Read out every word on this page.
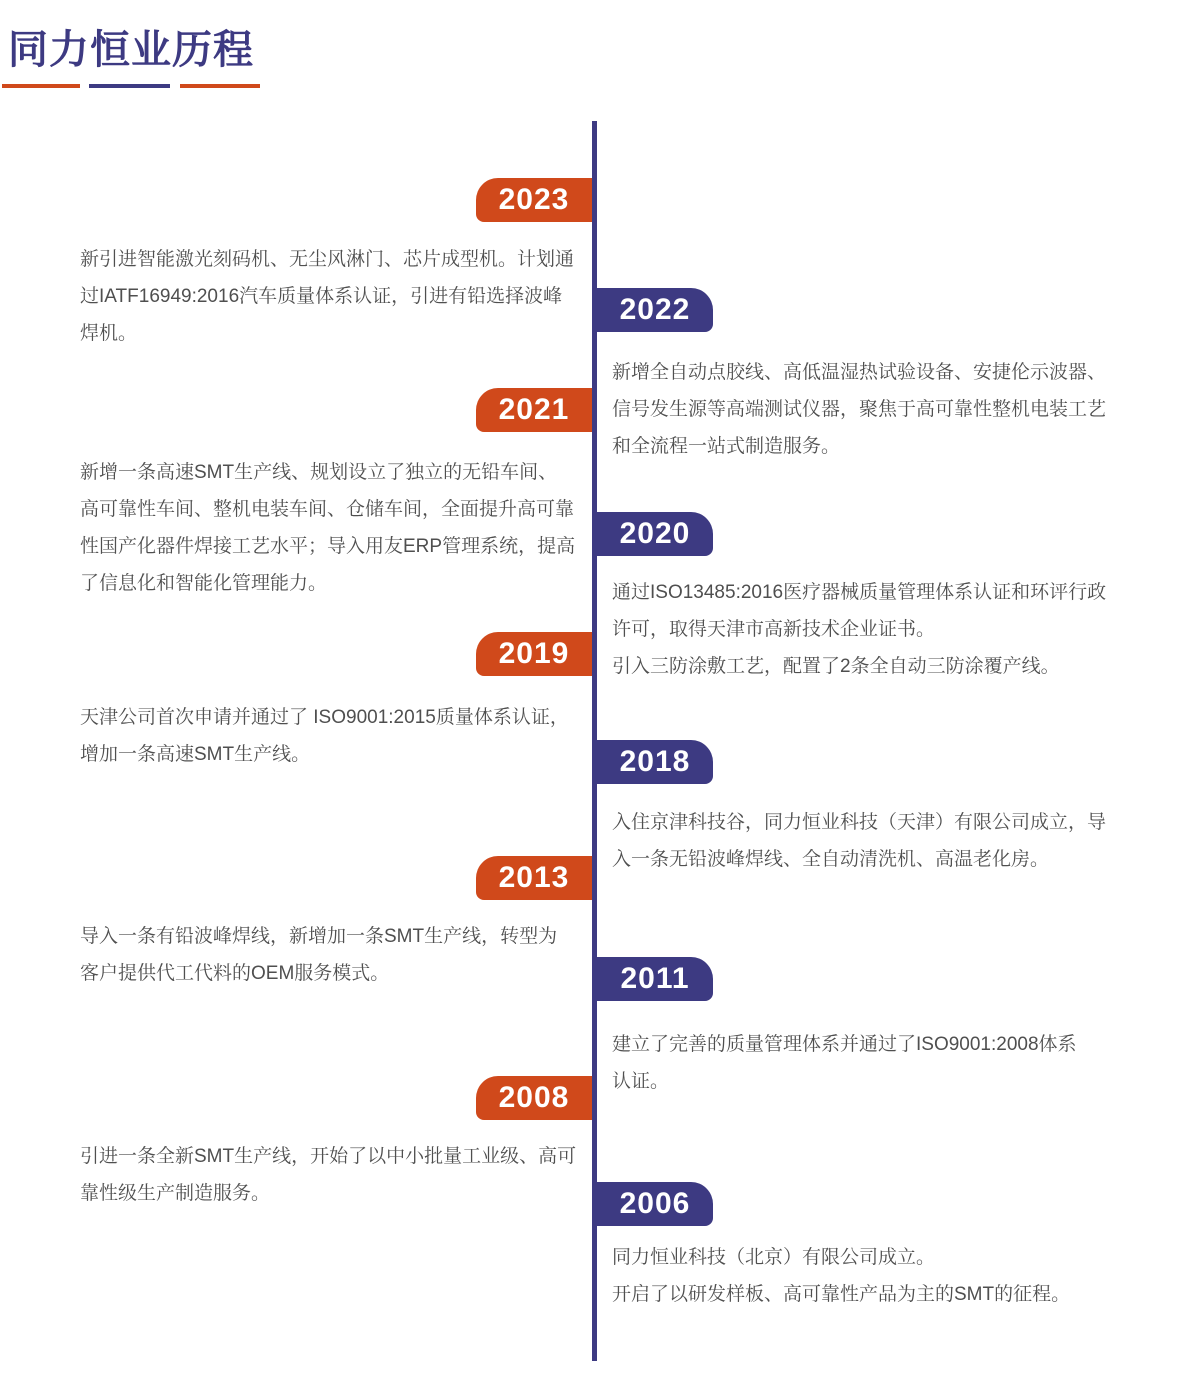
同力恒业历程
2023
新引进智能激光刻码机、无尘风淋门、芯片成型机。计划通
过IATF16949:2016汽车质量体系认证，引进有铅选择波峰
焊机。
2022
新增全自动点胶线、高低温湿热试验设备、安捷伦示波器、
信号发生源等高端测试仪器，聚焦于高可靠性整机电装工艺
和全流程一站式制造服务。
2021
新增一条高速SMT生产线、规划设立了独立的无铅车间、
高可靠性车间、整机电装车间、仓储车间，全面提升高可靠
性国产化器件焊接工艺水平；导入用友ERP管理系统，提高
了信息化和智能化管理能力。
2020
通过ISO13485:2016医疗器械质量管理体系认证和环评行政
许可，取得天津市高新技术企业证书。
引入三防涂敷工艺，配置了2条全自动三防涂覆产线。
2019
天津公司首次申请并通过了 ISO9001:2015质量体系认证，
增加一条高速SMT生产线。	2018
入住京津科技谷，同力恒业科技（天津）有限公司成立，导
入一条无铅波峰焊线、全自动清洗机、高温老化房。
2013
导入一条有铅波峰焊线，新增加一条SMT生产线，转型为
客户提供代工代料的OEM服务模式。	2011
建立了完善的质量管理体系并通过了ISO9001:2008体系
认证。
2008
引进一条全新SMT生产线，开始了以中小批量工业级、高可
靠性级生产制造服务。	2006
同力恒业科技（北京）有限公司成立。
开启了以研发样板、高可靠性产品为主的SMT的征程。
